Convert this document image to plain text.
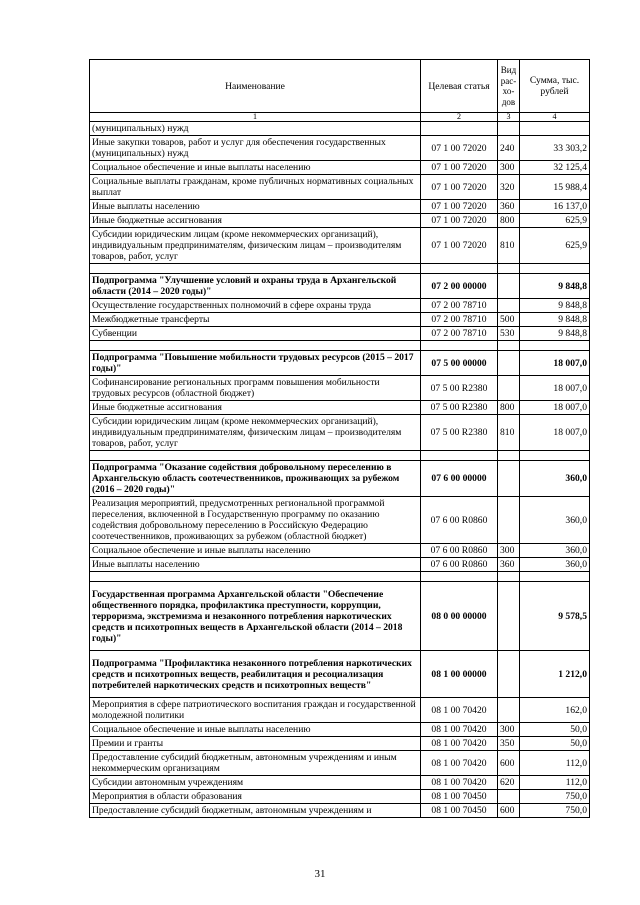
Наименование	Целевая статья	Вид рас-хо-дов	Сумма, тыс. рублей
1	2	3	4
(муниципальных) нужд			
Иные закупки товаров, работ и услуг для обеспечения государственных (муниципальных) нужд	07 1 00 72020	240	33 303,2
Социальное обеспечение и иные выплаты населению	07 1 00 72020	300	32 125,4
Социальные выплаты гражданам, кроме публичных нормативных социальных выплат	07 1 00 72020	320	15 988,4
Иные выплаты населению	07 1 00 72020	360	16 137,0
Иные бюджетные ассигнования	07 1 00 72020	800	625,9
Субсидии юридическим лицам (кроме некоммерческих организаций), индивидуальным предпринимателям, физическим лицам – производителям товаров, работ, услуг	07 1 00 72020	810	625,9

Подпрограмма "Улучшение условий и охраны труда в Архангельской области (2014 – 2020 годы)"	07 2 00 00000		9 848,8
Осуществление государственных полномочий в сфере охраны труда	07 2 00 78710		9 848,8
Межбюджетные трансферты	07 2 00 78710	500	9 848,8
Субвенции	07 2 00 78710	530	9 848,8

Подпрограмма "Повышение мобильности трудовых ресурсов (2015 – 2017 годы)"	07 5 00 00000		18 007,0
Софинансирование региональных программ повышения мобильности трудовых ресурсов (областной бюджет)	07 5 00 R2380		18 007,0
Иные бюджетные ассигнования	07 5 00 R2380	800	18 007,0
Субсидии юридическим лицам (кроме некоммерческих организаций), индивидуальным предпринимателям, физическим лицам – производителям товаров, работ, услуг	07 5 00 R2380	810	18 007,0

Подпрограмма "Оказание содействия добровольному переселению в Архангельскую область соотечественников, проживающих за рубежом (2016 – 2020 годы)"	07 6 00 00000		360,0
Реализация мероприятий, предусмотренных региональной программой переселения, включенной в Государственную программу по оказанию содействия добровольному переселению в Российскую Федерацию соотечественников, проживающих за рубежом (областной бюджет)	07 6 00 R0860		360,0
Социальное обеспечение и иные выплаты населению	07 6 00 R0860	300	360,0
Иные выплаты населению	07 6 00 R0860	360	360,0

Государственная программа Архангельской области "Обеспечение общественного порядка, профилактика преступности, коррупции, терроризма, экстремизма и незаконного потребления наркотических средств и психотропных веществ в Архангельской области (2014 – 2018 годы)"	08 0 00 00000		9 578,5
Подпрограмма "Профилактика незаконного потребления наркотических средств и психотропных веществ, реабилитация и ресоциализация потребителей наркотических средств и психотропных веществ"	08 1 00 00000		1 212,0
Мероприятия в сфере патриотического воспитания граждан и государственной молодежной политики	08 1 00 70420		162,0
Социальное обеспечение и иные выплаты населению	08 1 00 70420	300	50,0
Премии и гранты	08 1 00 70420	350	50,0
Предоставление субсидий бюджетным, автономным учреждениям и иным некоммерческим организациям	08 1 00 70420	600	112,0
Субсидии автономным учреждениям	08 1 00 70420	620	112,0
Мероприятия в области образования	08 1 00 70450		750,0
Предоставление субсидий бюджетным, автономным учреждениям и	08 1 00 70450	600	750,0
31
